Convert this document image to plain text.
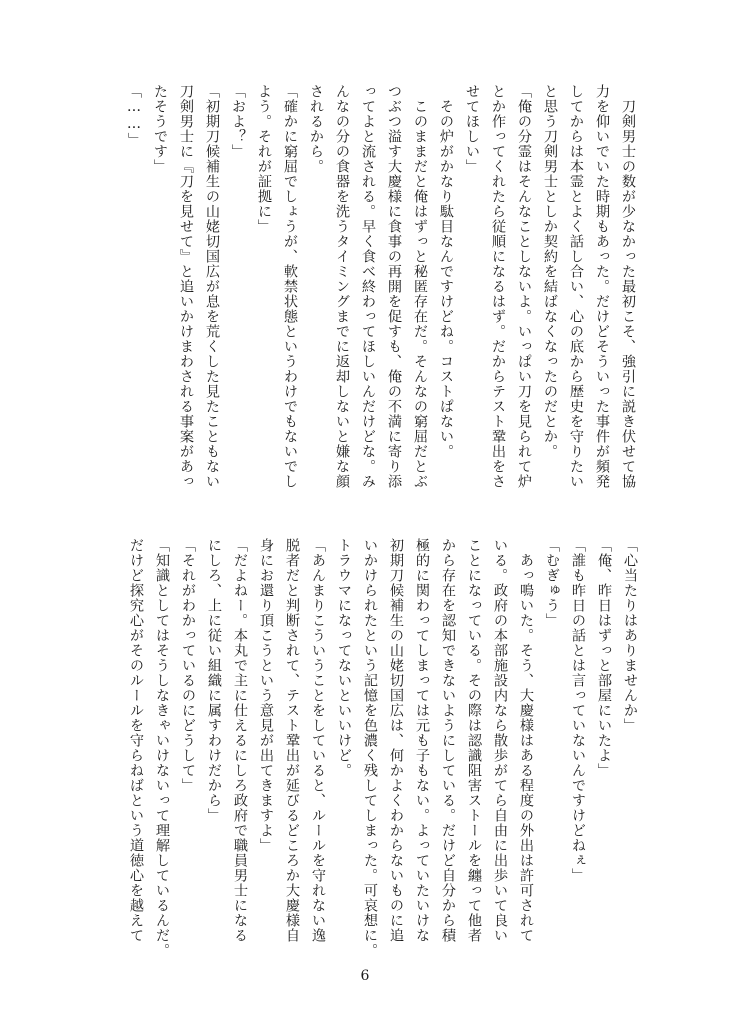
　刀剣男士の数が少なかった最初こそ、強引に説き伏せて協
力を仰いでいた時期もあった。だけどそういった事件が頻発
してからは本霊とよく話し合い、心の底から歴史を守りたい
と思う刀剣男士としか契約を結ばなくなったのだとか。
「俺の分霊はそんなことしないよ。いっぱい刀を見られて炉
とか作ってくれたら従順になるはず。だからテスト鞏出をさ
せてほしい」
　その炉がかなり駄目なんですけどね。コストぱない。
　このままだと俺はずっと秘匿存在だ。そんなの窮屈だとぶ
つぶつ溢す大慶様に食事の再開を促すも、俺の不満に寄り添
ってよと流される。早く食べ終わってほしいんだけどな。み
んなの分の食器を洗うタイミングまでに返却しないと嫌な顔
されるから。
「確かに窮屈でしょうが、軟禁状態というわけでもないでし
よう。それが証拠に」
「およ？」
「初期刀候補生の山姥切国広が息を荒くした見たこともない
刀剣男士に『刀を見せて』と追いかけまわされる事案があっ
たそうです」
「……」
「心当たりはありませんか」
「俺、昨日はずっと部屋にいたよ」
「誰も昨日の話とは言っていないんですけどねぇ」
「むぎゅう」
　あっ鳴いた。そう、大慶様はある程度の外出は許可されて
いる。政府の本部施設内なら散歩がてら自由に出歩いて良い
ことになっている。その際は認識阻害ストールを纏って他者
から存在を認知できないようにしている。だけど自分から積
極的に関わってしまっては元も子もない。よっていたいけな
初期刀候補生の山姥切国広は、何かよくわからないものに追
いかけられたという記憶を色濃く残してしまった。可哀想に。
トラウマになってないといいけど。
「あんまりこういうことをしていると、ルールを守れない逸
脱者だと判断されて、テスト鞏出が延びるどころか大慶様自
身にお還り頂こうという意見が出てきますよ」
「だよねー。本丸で主に仕えるにしろ政府で職員男士になる
にしろ、上に従い組織に属すわけだから」
「それがわかっているのにどうして」
「知識としてはそうしなきゃいけないって理解しているんだ。
だけど探究心がそのルールを守らねばという道徳心を越えて
6
